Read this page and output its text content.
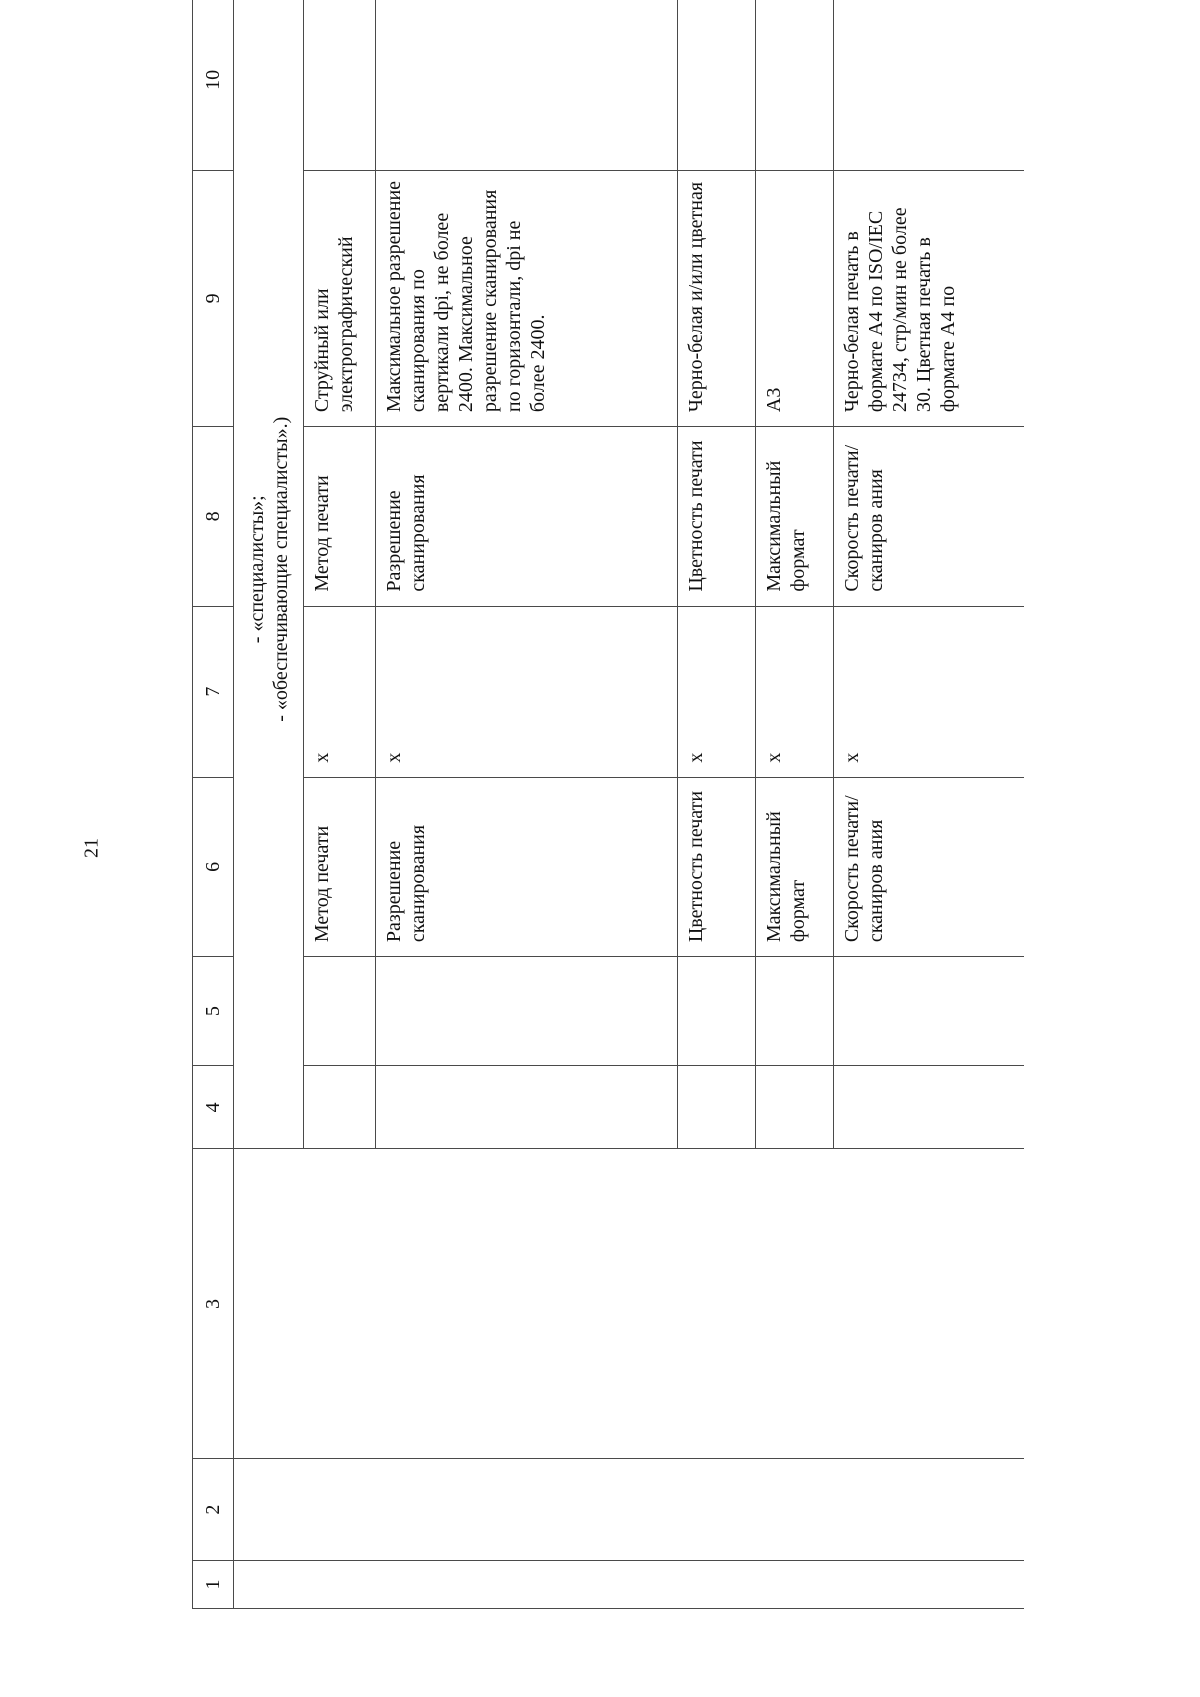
21
1	2	3	4	5	6	7	8	9	10

			- «специалисты»; - «обеспечивающие специалисты».)						

					Метод печати	х	Метод печати	Струйный или электрографический	
					Разрешение сканирования	х	Разрешение сканирования	Максимальное разрешение сканирования по вертикали dpi, не более 2400. Максимальное разрешение сканирования по горизонтали, dpi не более 2400.	
					Цветность печати	х	Цветность печати	Черно-белая и/или цветная	
					Максимальный формат	х	Максимальный формат	А3	
					Скорость печати/сканиров ания	х	Скорость печати/сканиров ания	Черно-белая печать в формате А4 по ISO/IEC 24734, стр/мин не более 30. Цветная печать в формате А4 по	
